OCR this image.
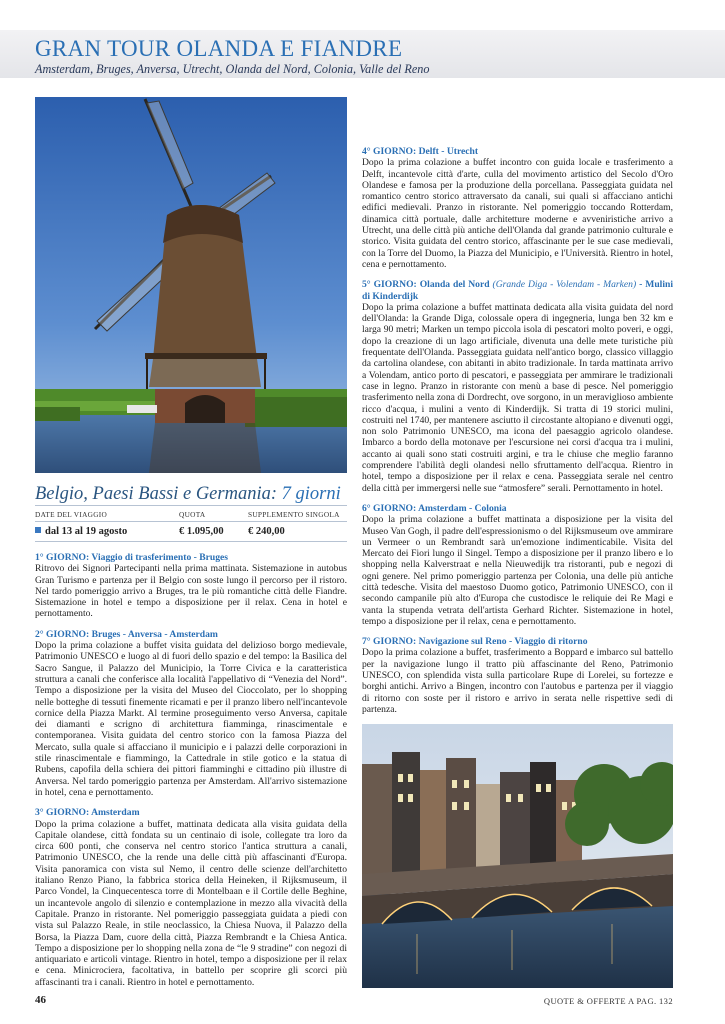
GRAN TOUR OLANDA E FIANDRE
Amsterdam, Bruges, Anversa, Utrecht, Olanda del Nord, Colonia, Valle del Reno
Belgio, Paesi Bassi e Germania: 7 giorni
DATE DEL VIAGGIO	QUOTA	SUPPLEMENTO SINGOLA
dal 13 al 19 agosto	€ 1.095,00 € 240,00

1° GIORNO: Viaggio di trasferimento - Bruges
Ritrovo dei Signori Partecipanti nella prima mattinata. Sistemazione in autobus Gran Turismo e partenza per il Belgio con soste lungo il percorso per il ristoro. Nel tardo pomeriggio arrivo a Bruges, tra le più romantiche città delle Fiandre. Sistemazione in hotel e tempo a disposizione per il relax. Cena in hotel e pernottamento.

2° GIORNO: Bruges - Anversa - Amsterdam
Dopo la prima colazione a buffet visita guidata del delizioso borgo medievale, Patrimonio UNESCO e luogo al di fuori dello spazio e del tempo: la Basilica del Sacro Sangue, il Palazzo del Municipio, la Torre Civica e la caratteristica struttura a canali che conferisce alla località l'appellativo di “Venezia del Nord”. Tempo a disposizione per la visita del Museo del Cioccolato, per lo shopping nelle botteghe di tessuti finemente ricamati e per il pranzo libero nell'incantevole cornice della Piazza Markt. Al termine proseguimento verso Anversa, capitale dei diamanti e scrigno di architettura fiamminga, rinascimentale e contemporanea. Visita guidata del centro storico con la famosa Piazza del Mercato, sulla quale si affacciano il municipio e i palazzi delle corporazioni in stile rinascimentale e fiammingo, la Cattedrale in stile gotico e la statua di Rubens, capofila della schiera dei pittori fiamminghi e cittadino più illustre di Anversa. Nel tardo pomeriggio partenza per Amsterdam. All'arrivo sistemazione in hotel, cena e pernottamento.

3° GIORNO: Amsterdam
Dopo la prima colazione a buffet, mattinata dedicata alla visita guidata della Capitale olandese, città fondata su un centinaio di isole, collegate tra loro da circa 600 ponti, che conserva nel centro storico l'antica struttura a canali, Patrimonio UNESCO, che la rende una delle città più affascinanti d'Europa. Visita panoramica con vista sul Nemo, il centro delle scienze dell'architetto italiano Renzo Piano, la fabbrica storica della Heineken, il Rijksmuseum, il Parco Vondel, la Cinquecentesca torre di Montelbaan e il Cortile delle Beghine, un incantevole angolo di silenzio e contemplazione in mezzo alla vivacità della Capitale. Pranzo in ristorante. Nel pomeriggio passeggiata guidata a piedi con vista sul Palazzo Reale, in stile neoclassico, la Chiesa Nuova, il Palazzo della Borsa, la Piazza Dam, cuore della città, Piazza Rembrandt e la Chiesa Antica. Tempo a disposizione per lo shopping nella zona de “le 9 stradine” con negozi di antiquariato e articoli vintage. Rientro in hotel, tempo a disposizione per il relax e cena. Minicrociera, facoltativa, in battello per scoprire gli scorci più affascinanti tra i canali. Rientro in hotel e pernottamento.

4° GIORNO: Delft - Utrecht
Dopo la prima colazione a buffet incontro con guida locale e trasferimento a Delft, incantevole città d'arte, culla del movimento artistico del Secolo d'Oro Olandese e famosa per la produzione della porcellana. Passeggiata guidata nel romantico centro storico attraversato da canali, sui quali si affacciano antichi edifici medievali. Pranzo in ristorante. Nel pomeriggio toccando Rotterdam, dinamica città portuale, dalle architetture moderne e avveniristiche arrivo a Utrecht, una delle città più antiche dell'Olanda dal grande patrimonio culturale e storico. Visita guidata del centro storico, affascinante per le sue case medievali, con la Torre del Duomo, la Piazza del Municipio, e l'Università. Rientro in hotel, cena e pernottamento.

5° GIORNO: Olanda del Nord (Grande Diga - Volendam - Marken) - Mulini di Kinderdijk
Dopo la prima colazione a buffet mattinata dedicata alla visita guidata del nord dell'Olanda: la Grande Diga, colossale opera di ingegneria, lunga ben 32 km e larga 90 metri; Marken un tempo piccola isola di pescatori molto poveri, e oggi, dopo la creazione di un lago artificiale, divenuta una delle mete turistiche più frequentate dell'Olanda. Passeggiata guidata nell'antico borgo, classico villaggio da cartolina olandese, con abitanti in abito tradizionale. In tarda mattinata arrivo a Volendam, antico porto di pescatori, e passeggiata per ammirare le tradizionali case in legno. Pranzo in ristorante con menù a base di pesce. Nel pomeriggio trasferimento nella zona di Dordrecht, ove sorgono, in un meraviglioso ambiente ricco d'acqua, i mulini a vento di Kinderdijk. Si tratta di 19 storici mulini, costruiti nel 1740, per mantenere asciutto il circostante altopiano e divenuti oggi, non solo Patrimonio UNESCO, ma icona del paesaggio agricolo olandese. Imbarco a bordo della motonave per l'escursione nei corsi d'acqua tra i mulini, accanto ai quali sono stati costruiti argini, e tra le chiuse che meglio faranno comprendere l'abilità degli olandesi nello sfruttamento dell'acqua. Rientro in hotel, tempo a disposizione per il relax e cena. Passeggiata serale nel centro della città per immergersi nelle sue “atmosfere” serali. Pernottamento in hotel.

6° GIORNO: Amsterdam - Colonia
Dopo la prima colazione a buffet mattinata a disposizione per la visita del Museo Van Gogh, il padre dell'espressionismo o del Rijksmuseum ove ammirare un Vermeer o un Rembrandt sarà un'emozione indimenticabile. Visita del Mercato dei Fiori lungo il Singel. Tempo a disposizione per il pranzo libero e lo shopping nella Kalverstraat e nella Nieuwedijk tra ristoranti, pub e negozi di ogni genere. Nel primo pomeriggio partenza per Colonia, una delle più antiche città tedesche. Visita del maestoso Duomo gotico, Patrimonio UNESCO, con il secondo campanile più alto d'Europa che custodisce le reliquie dei Re Magi e vanta la stupenda vetrata dell'artista Gerhard Richter. Sistemazione in hotel, tempo a disposizione per il relax, cena e pernottamento.

7° GIORNO: Navigazione sul Reno - Viaggio di ritorno
Dopo la prima colazione a buffet, trasferimento a Boppard e imbarco sul battello per la navigazione lungo il tratto più affascinante del Reno, Patrimonio UNESCO, con splendida vista sulla particolare Rupe di Lorelei, su fortezze e borghi antichi. Arrivo a Bingen, incontro con l'autobus e partenza per il viaggio di ritorno con soste per il ristoro e arrivo in serata nelle rispettive sedi di partenza.

46	QUOTE & OFFERTE A PAG. 132
